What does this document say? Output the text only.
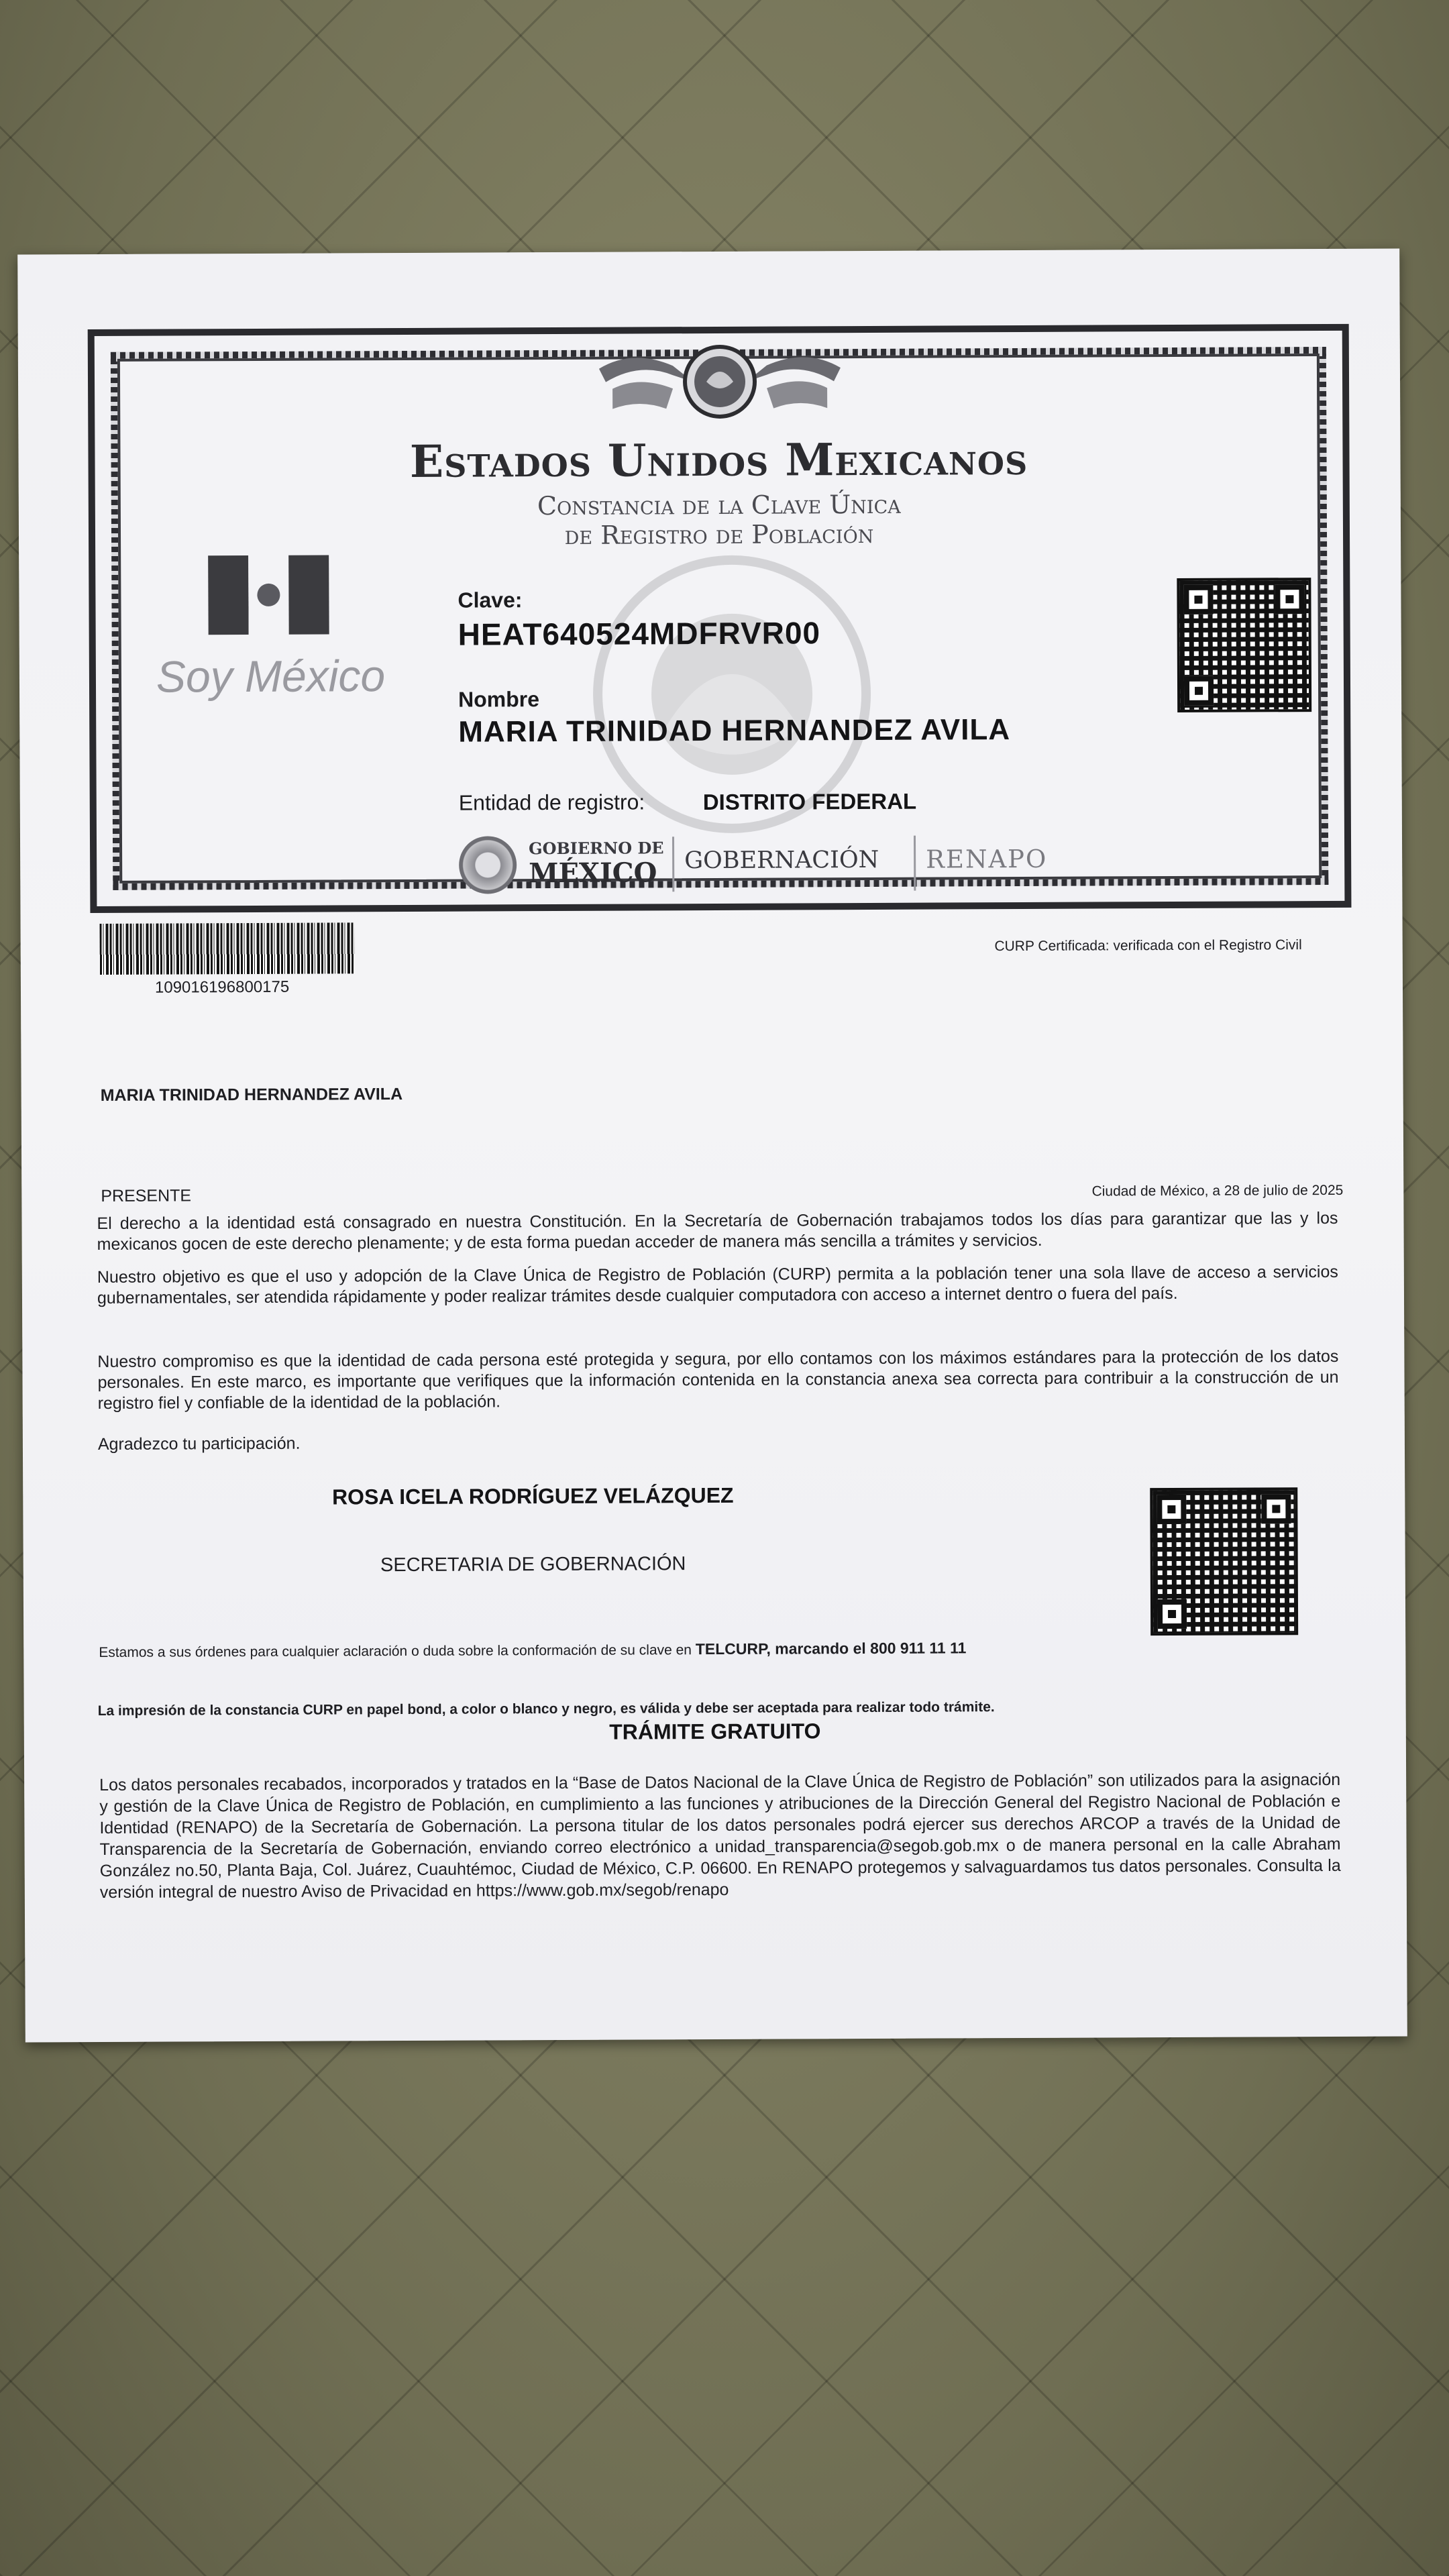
Estados Unidos Mexicanos
Constancia de la Clave Única
de Registro de Población
Soy México
Clave:
HEAT640524MDFRVR00
Nombre
MARIA TRINIDAD HERNANDEZ AVILA
Entidad de registro:	DISTRITO FEDERAL
GOBIERNO DE
MÉXICO GOBERNACIÓN RENAPO
109016196800175
CURP Certificada: verificada con el Registro Civil
MARIA TRINIDAD HERNANDEZ AVILA
PRESENTE	Ciudad de México, a 28 de julio de 2025
El derecho a la identidad está consagrado en nuestra Constitución. En la Secretaría de Gobernación trabajamos todos los días para garantizar que las y los mexicanos gocen de este derecho plenamente; y de esta forma puedan acceder de manera más sencilla a trámites y servicios.
Nuestro objetivo es que el uso y adopción de la Clave Única de Registro de Población (CURP) permita a la población tener una sola llave de acceso a servicios gubernamentales, ser atendida rápidamente y poder realizar trámites desde cualquier computadora con acceso a internet dentro o fuera del país.
Nuestro compromiso es que la identidad de cada persona esté protegida y segura, por ello contamos con los máximos estándares para la protección de los datos personales. En este marco, es importante que verifiques que la información contenida en la constancia anexa sea correcta para contribuir a la construcción de un registro fiel y confiable de la identidad de la población.
Agradezco tu participación.
ROSA ICELA RODRÍGUEZ VELÁZQUEZ
SECRETARIA DE GOBERNACIÓN
Estamos a sus órdenes para cualquier aclaración o duda sobre la conformación de su clave en TELCURP, marcando el 800 911 11 11
La impresión de la constancia CURP en papel bond, a color o blanco y negro, es válida y debe ser aceptada para realizar todo trámite.
TRÁMITE GRATUITO
Los datos personales recabados, incorporados y tratados en la “Base de Datos Nacional de la Clave Única de Registro de Población” son utilizados para la asignación y gestión de la Clave Única de Registro de Población, en cumplimiento a las funciones y atribuciones de la Dirección General del Registro Nacional de Población e Identidad (RENAPO) de la Secretaría de Gobernación. La persona titular de los datos personales podrá ejercer sus derechos ARCOP a través de la Unidad de Transparencia de la Secretaría de Gobernación, enviando correo electrónico a unidad_transparencia@segob.gob.mx o de manera personal en la calle Abraham González no.50, Planta Baja, Col. Juárez, Cuauhtémoc, Ciudad de México, C.P. 06600. En RENAPO protegemos y salvaguardamos tus datos personales. Consulta la versión integral de nuestro Aviso de Privacidad en https://www.gob.mx/segob/renapo
